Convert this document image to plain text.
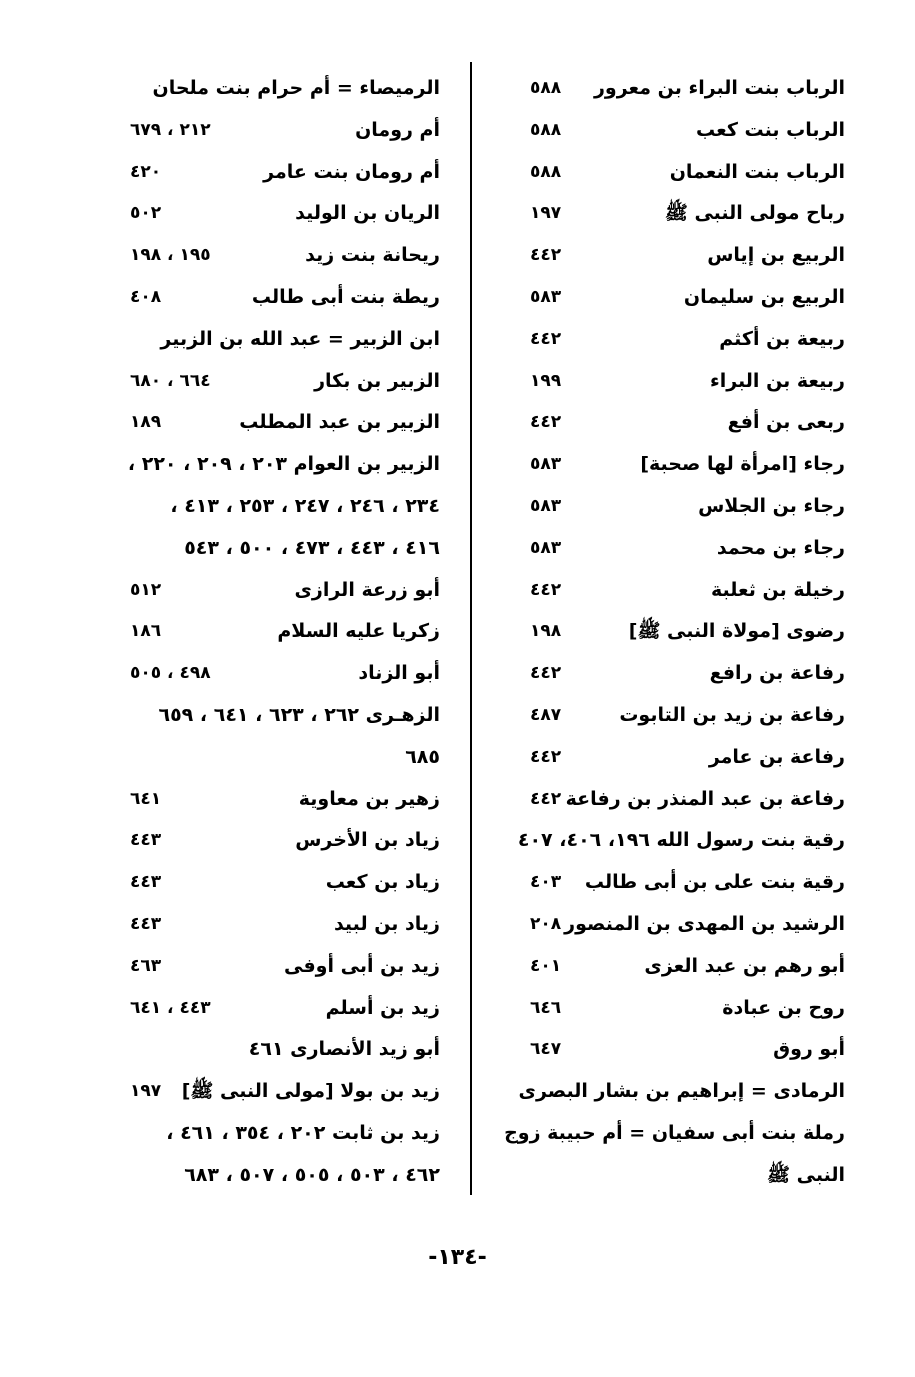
الرباب بنت البراء بن معرور
٥٨٨
الرباب بنت كعب
٥٨٨
الرباب بنت النعمان
٥٨٨
رباح مولى النبى ﷺ
١٩٧
الربيع بن إياس
٤٤٢
الربيع بن سليمان
٥٨٣
ربيعة بن أكثم
٤٤٢
ربيعة بن البراء
١٩٩
ربعى بن أفع
٤٤٢
رجاء [امرأة لها صحبة]
٥٨٣
رجاء بن الجلاس
٥٨٣
رجاء بن محمد
٥٨٣
رخيلة بن ثعلبة
٤٤٢
رضوى [مولاة النبى ﷺ]
١٩٨
رفاعة بن رافع
٤٤٢
رفاعة بن زيد بن التابوت
٤٨٧
رفاعة بن عامر
٤٤٢
رفاعة بن عبد المنذر بن رفاعة
٤٤٢
رقية بنت رسول الله ١٩٦، ٤٠٦، ٤٠٧
رقية بنت على بن أبى طالب
٤٠٣
الرشيد بن المهدى بن المنصور
٢٠٨
أبو رهم بن عبد العزى
٤٠١
روح بن عبادة
٦٤٦
أبو روق
٦٤٧
الرمادى = إبراهيم بن بشار البصرى
رملة بنت أبى سفيان = أم حبيبة زوج
النبى ﷺ
الرميصاء = أم حرام بنت ملحان
أم رومان
٢١٢ ، ٦٧٩
أم رومان بنت عامر
٤٢٠
الريان بن الوليد
٥٠٢
ريحانة بنت زيد
١٩٥ ، ١٩٨
ريطة بنت أبى طالب
٤٠٨
ابن الزبير = عبد الله بن الزبير
الزبير بن بكار
٦٦٤ ، ٦٨٠
الزبير بن عبد المطلب
١٨٩
الزبير بن العوام ٢٠٣ ، ٢٠٩ ، ٢٢٠ ،
٢٣٤ ، ٢٤٦ ، ٢٤٧ ، ٢٥٣ ، ٤١٣ ،
٤١٦ ، ٤٤٣ ، ٤٧٣ ، ٥٠٠ ، ٥٤٣
أبو زرعة الرازى
٥١٢
زكريا عليه السلام
١٨٦
أبو الزناد
٤٩٨ ، ٥٠٥
الزهـرى ٢٦٢ ، ٦٢٣ ، ٦٤١ ، ٦٥٩
٦٨٥
زهير بن معاوية
٦٤١
زياد بن الأخرس
٤٤٣
زياد بن كعب
٤٤٣
زياد بن لبيد
٤٤٣
زيد بن أبى أوفى
٤٦٣
زيد بن أسلم
٤٤٣ ، ٦٤١
أبو زيد الأنصارى ٤٦١
زيد بن بولا [مولى النبى ﷺ]
١٩٧
زيد بن ثابت ٢٠٢ ، ٣٥٤ ، ٤٦١ ،
٤٦٢ ، ٥٠٣ ، ٥٠٥ ، ٥٠٧ ، ٦٨٣
-١٣٤-
